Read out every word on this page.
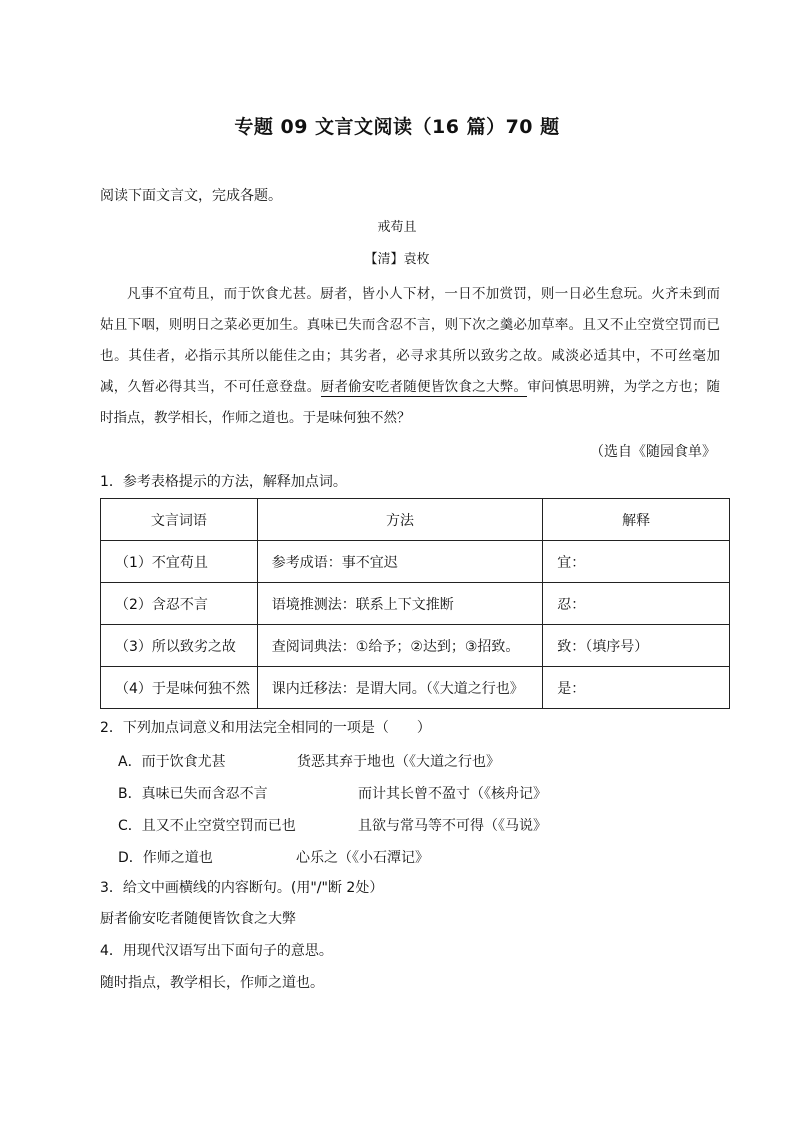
专题 09 文言文阅读（16 篇）70 题
阅读下面文言文，完成各题。
戒苟且
【清】袁枚
凡事不宜苟且，而于饮食尤甚。厨者，皆小人下材，一日不加赏罚，则一日必生怠玩。火齐未到而姑且下咽，则明日之菜必更加生。真味已失而含忍不言，则下次之羹必加草率。且又不止空赏空罚而已也。其佳者，必指示其所以能佳之由；其劣者，必寻求其所以致劣之故。咸淡必适其中，不可丝毫加减，久暂必得其当，不可任意登盘。厨者偷安吃者随便皆饮食之大弊。审问慎思明辨，为学之方也；随时指点，教学相长，作师之道也。于是味何独不然？
（选自《随园食单》
1．参考表格提示的方法，解释加点词。
文言词语	方法	解释
（1）不宜苟且	参考成语：事不宜迟	宜：
（2）含忍不言	语境推测法：联系上下文推断	忍：
（3）所以致劣之故	查阅词典法：①给予；②达到；③招致。	致：（填序号）
（4）于是味何独不然	课内迁移法：是谓大同。（《大道之行也》	是：
2．下列加点词意义和用法完全相同的一项是（　　）
A．而于饮食尤甚	货恶其弃于地也（《大道之行也》
B．真味已失而含忍不言	而计其长曾不盈寸（《核舟记》
C．且又不止空赏空罚而已也	且欲与常马等不可得（《马说》
D．作师之道也	心乐之（《小石潭记》
3．给文中画横线的内容断句。(用"/"断 2处）
厨者偷安吃者随便皆饮食之大弊
4．用现代汉语写出下面句子的意思。
随时指点，教学相长，作师之道也。
